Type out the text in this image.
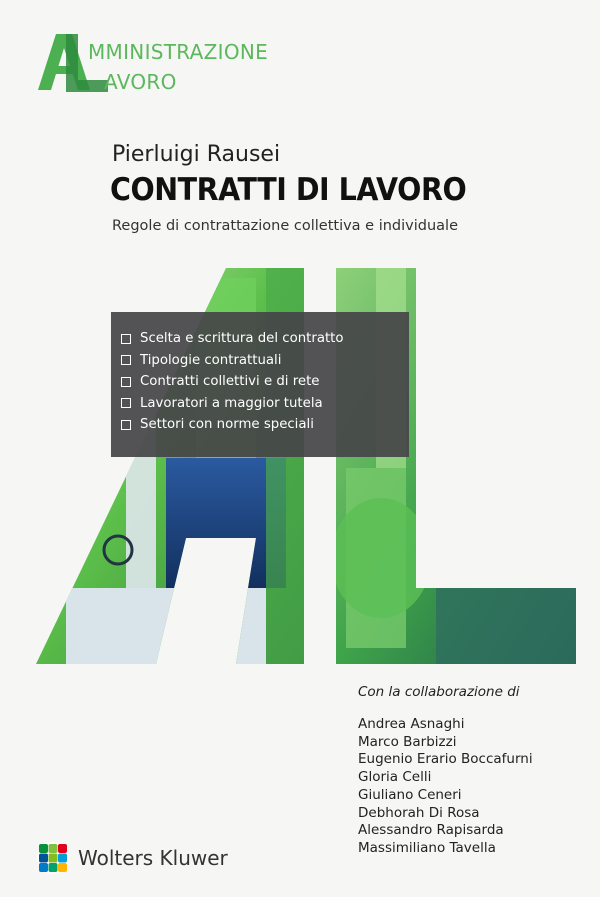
MMINISTRAZIONE
AVORO
Pierluigi Rausei
CONTRATTI DI LAVORO
Regole di contrattazione collettiva e individuale
Scelta e scrittura del contratto
Tipologie contrattuali
Contratti collettivi e di rete
Lavoratori a maggior tutela
Settori con norme speciali
Con la collaborazione di
Andrea Asnaghi
Marco Barbizzi
Eugenio Erario Boccafurni
Gloria Celli
Giuliano Ceneri
Debhorah Di Rosa
Alessandro Rapisarda
Massimiliano Tavella
Wolters Kluwer
